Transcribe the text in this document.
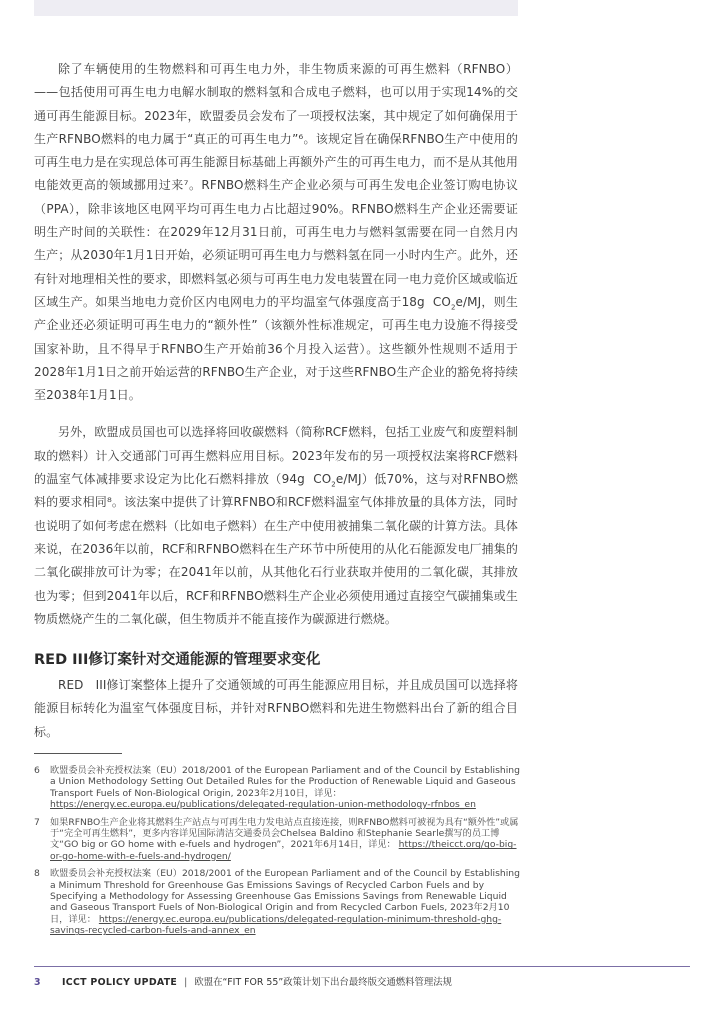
除了车辆使用的生物燃料和可再生电力外，非生物质来源的可再生燃料（RFNBO）——包括使用可再生电力电解水制取的燃料氢和合成电子燃料，也可以用于实现14%的交通可再生能源目标。2023年，欧盟委员会发布了一项授权法案，其中规定了如何确保用于生产RFNBO燃料的电力属于“真正的可再生电力”⁶。该规定旨在确保RFNBO生产中使用的可再生电力是在实现总体可再生能源目标基础上再额外产生的可再生电力，而不是从其他用电能效更高的领域挪用过来⁷。RFNBO燃料生产企业必须与可再生发电企业签订购电协议（PPA），除非该地区电网平均可再生电力占比超过90%。RFNBO燃料生产企业还需要证明生产时间的关联性：在2029年12月31日前，可再生电力与燃料氢需要在同一自然月内生产；从2030年1月1日开始，必须证明可再生电力与燃料氢在同一小时内生产。此外，还有针对地理相关性的要求，即燃料氢必须与可再生电力发电装置在同一电力竞价区域或临近区域生产。如果当地电力竞价区内电网电力的平均温室气体强度高于18g $CO_2e/MJ$，则生产企业还必须证明可再生电力的“额外性”（该额外性标准规定，可再生电力设施不得接受国家补助，且不得早于RFNBO生产开始前36个月投入运营）。这些额外性规则不适用于2028年1月1日之前开始运营的RFNBO生产企业，对于这些RFNBO生产企业的豁免将持续至2038年1月1日。
另外，欧盟成员国也可以选择将回收碳燃料（简称RCF燃料，包括工业废气和废塑料制取的燃料）计入交通部门可再生燃料应用目标。2023年发布的另一项授权法案将RCF燃料的温室气体减排要求设定为比化石燃料排放（94g $CO_2e/MJ$）低70%，这与对RFNBO燃料的要求相同⁸。该法案中提供了计算RFNBO和RCF燃料温室气体排放量的具体方法，同时也说明了如何考虑在燃料（比如电子燃料）在生产中使用被捕集二氧化碳的计算方法。具体来说，在2036年以前，RCF和RFNBO燃料在生产环节中所使用的从化石能源发电厂捕集的二氧化碳排放可计为零；在2041年以前，从其他化石行业获取并使用的二氧化碳，其排放也为零；但到2041年以后，RCF和RFNBO燃料生产企业必须使用通过直接空气碳捕集或生物质燃烧产生的二氧化碳，但生物质并不能直接作为碳源进行燃烧。
RED III修订案针对交通能源的管理要求变化
RED　III修订案整体上提升了交通领域的可再生能源应用目标，并且成员国可以选择将能源目标转化为温室气体强度目标，并针对RFNBO燃料和先进生物燃料出台了新的组合目标。
6	欧盟委员会补充授权法案（EU）2018/2001 of the European Parliament and of the Council by Establishing a Union Methodology Setting Out Detailed Rules for the Production of Renewable Liquid and Gaseous Transport Fuels of Non-Biological Origin, 2023年2月10日，详见： https://energy.ec.europa.eu/publications/delegated-regulation-union-methodology-rfnbos_en
7	如果RFNBO生产企业将其燃料生产站点与可再生电力发电站点直接连接，则RFNBO燃料可被视为具有“额外性”或属于“完全可再生燃料”，更多内容详见国际清洁交通委员会Chelsea Baldino 和Stephanie Searle撰写的员工博文“GO big or GO home with e-fuels and hydrogen”，2021年6月14日，详见： https://theicct.org/go-big-or-go-home-with-e-fuels-and-hydrogen/
8	欧盟委员会补充授权法案（EU）2018/2001 of the European Parliament and of the Council by Establishing a Minimum Threshold for Greenhouse Gas Emissions Savings of Recycled Carbon Fuels and by Specifying a Methodology for Assessing Greenhouse Gas Emissions Savings from Renewable Liquid and Gaseous Transport Fuels of Non-Biological Origin and from Recycled Carbon Fuels, 2023年2月10日，详见： https://energy.ec.europa.eu/publications/delegated-regulation-minimum-threshold-ghg-savings-recycled-carbon-fuels-and-annex_en
3	ICCT POLICY UPDATE | 欧盟在“FIT FOR 55”政策计划下出台最终版交通燃料管理法规
